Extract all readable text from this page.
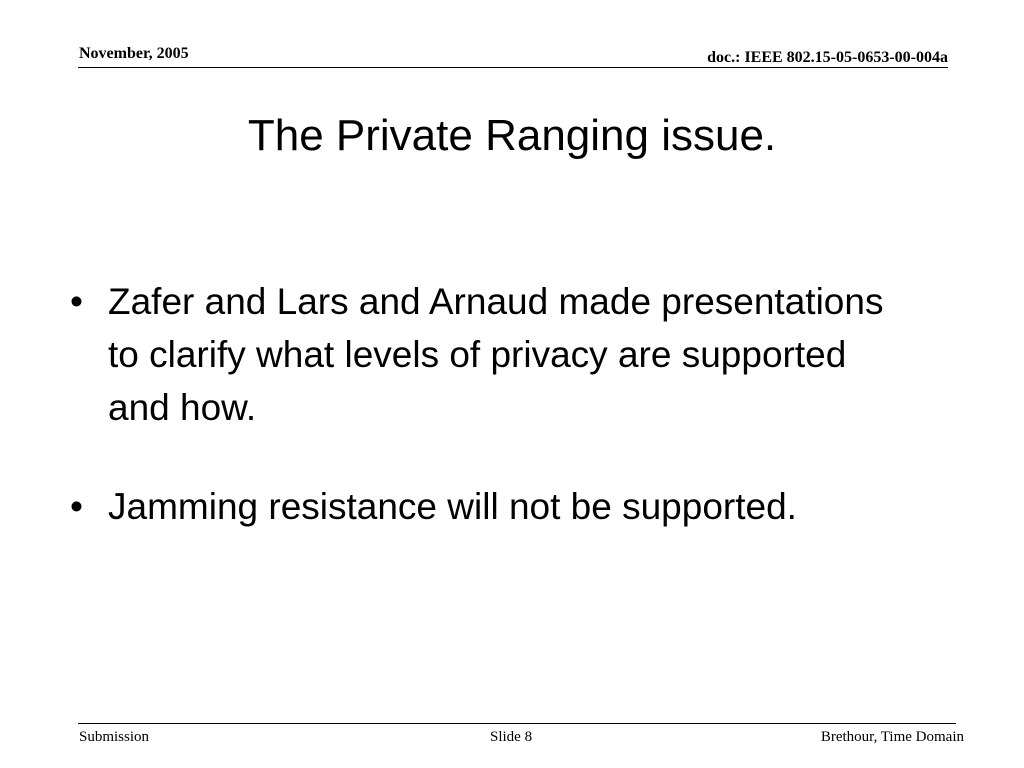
November, 2005	doc.: IEEE 802.15-05-0653-00-004a
The Private Ranging issue.
• Zafer and Lars and Arnaud made presentations to clarify what levels of privacy are supported and how.
• Jamming resistance will not be supported.
Submission	Slide 8	Brethour, Time Domain
